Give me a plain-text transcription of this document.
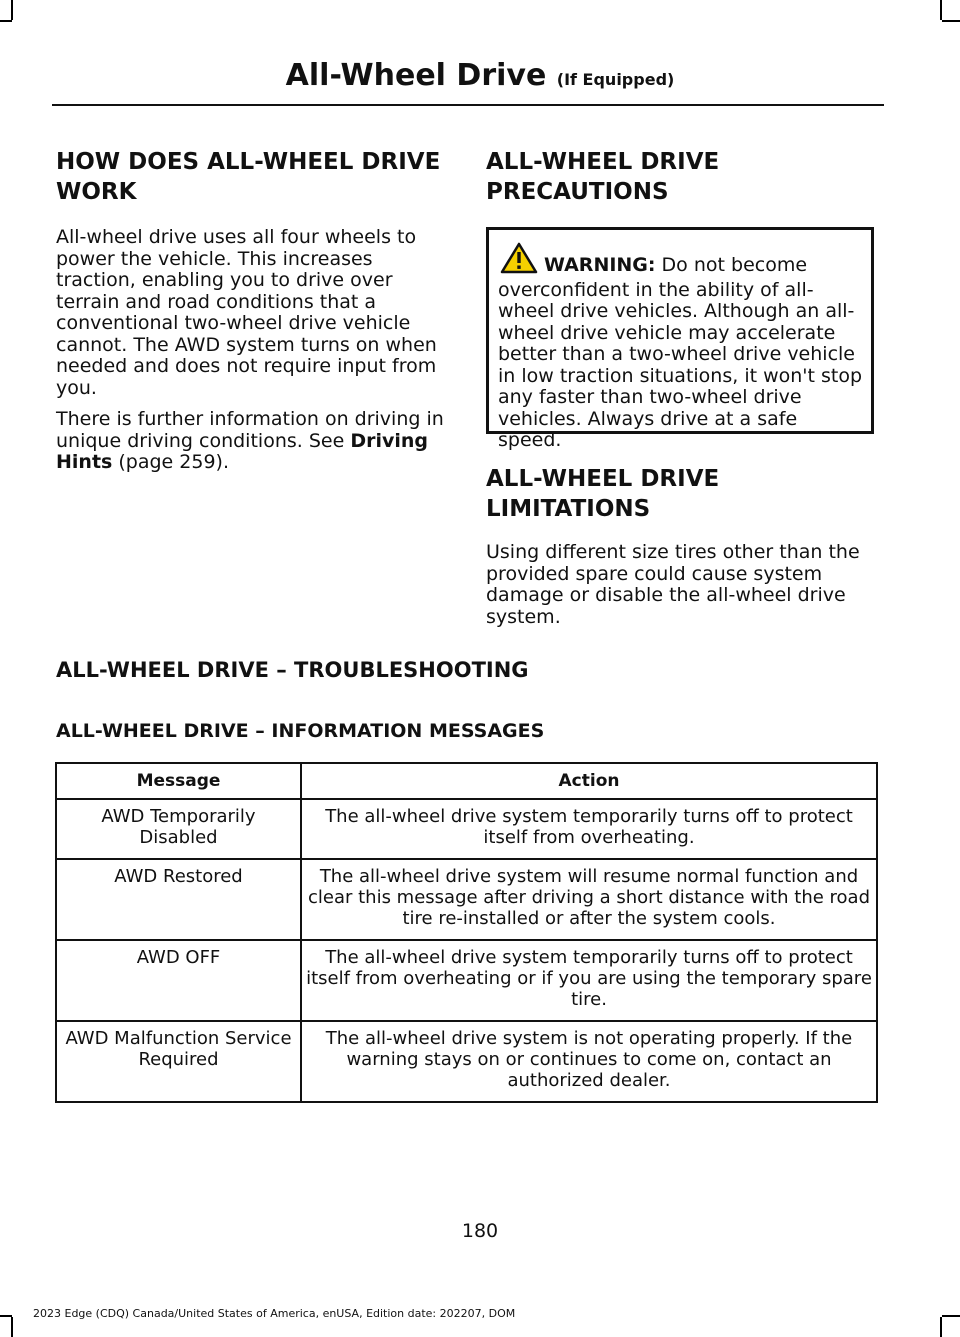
All-Wheel Drive (If Equipped)
HOW DOES ALL-WHEEL DRIVE WORK

All-wheel drive uses all four wheels to power the vehicle. This increases traction, enabling you to drive over terrain and road conditions that a conventional two-wheel drive vehicle cannot. The AWD system turns on when needed and does not require input from you.

There is further information on driving in unique driving conditions. See Driving Hints (page 259).

ALL-WHEEL DRIVE PRECAUTIONS
WARNING: Do not become overconfident in the ability of all-wheel drive vehicles. Although an all-wheel drive vehicle may accelerate better than a two-wheel drive vehicle in low traction situations, it won't stop any faster than two-wheel drive vehicles. Always drive at a safe speed.
ALL-WHEEL DRIVE LIMITATIONS

Using different size tires other than the provided spare could cause system damage or disable the all-wheel drive system.

ALL-WHEEL DRIVE – TROUBLESHOOTING
ALL-WHEEL DRIVE – INFORMATION MESSAGES
Message	Action
AWD Temporarily Disabled	The all-wheel drive system temporarily turns off to protect itself from overheating.
AWD Restored	The all-wheel drive system will resume normal function and clear this message after driving a short distance with the road tire re-installed or after the system cools.
AWD OFF	The all-wheel drive system temporarily turns off to protect itself from overheating or if you are using the temporary spare tire.
AWD Malfunction Service Required	The all-wheel drive system is not operating properly. If the warning stays on or continues to come on, contact an authorized dealer.
180
2023 Edge (CDQ) Canada/United States of America, enUSA, Edition date: 202207, DOM
